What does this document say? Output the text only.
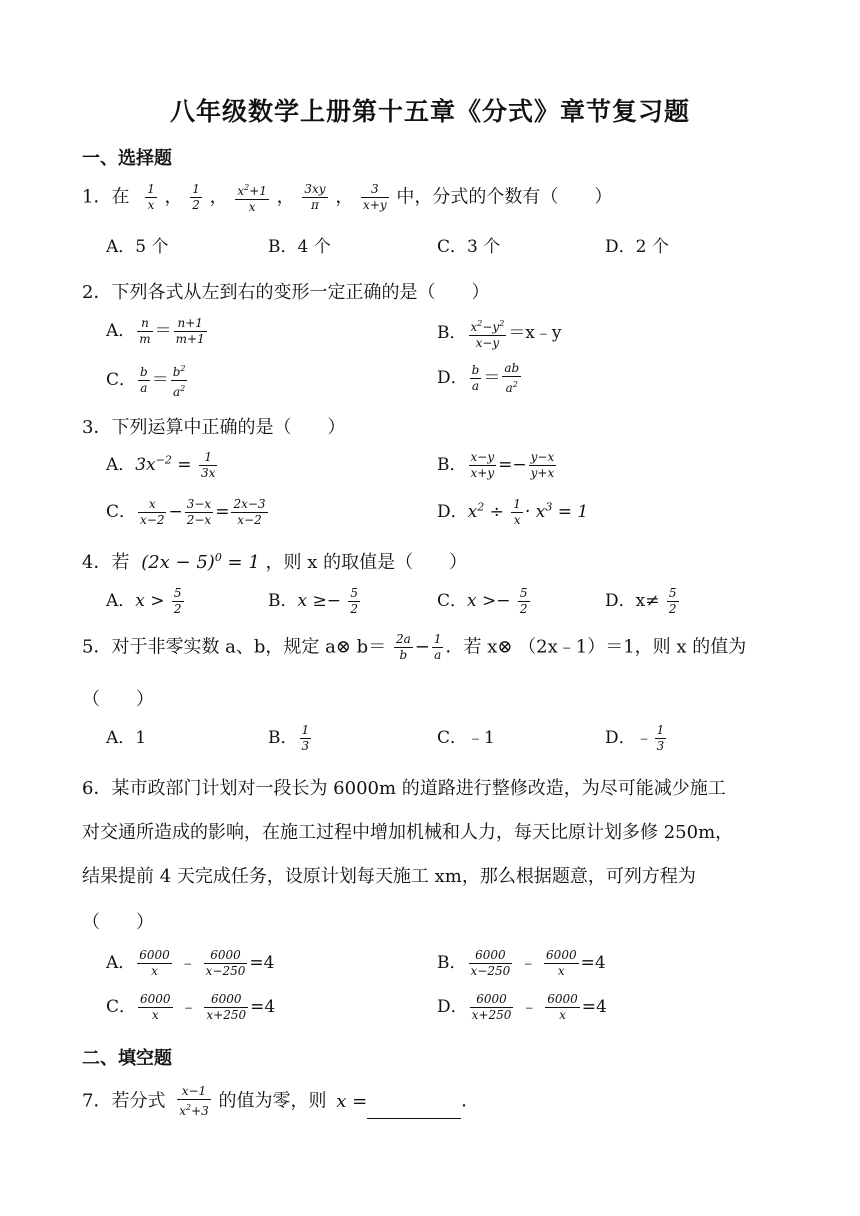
八年级数学上册第十五章《分式》章节复习题
一、选择题
1．在 $\frac{1}{x}$ ， $\frac{1}{2}$ ， $\frac{x^2+1}{x}$ ， $\frac{3xy}{\pi}$ ， $\frac{3}{x+y}$ 中，分式的个数有（　　）
A．5 个	B．4 个	C．3 个	D．2 个
2．下列各式从左到右的变形一定正确的是（　　）
A． $\frac{n}{m} = \frac{n+1}{m+1}$	B． $\frac{x^2-y^2}{x-y}$ ＝x﹣y
C． $\frac{b}{a} = \frac{b^2}{a^2}$	D． $\frac{b}{a} = \frac{ab}{a^2}$
3．下列运算中正确的是（　　）
A．$3x^{-2} = \frac{1}{3x}$	B． $\frac{x-y}{x+y} =- \frac{y-x}{y+x}$
C． $\frac{x}{x-2} - \frac{3-x}{2-x} = \frac{2x-3}{x-2}$	D．$x^2 \div \frac{1}{x} \cdot x^3 = 1$
4．若 $(2x - 5)^0 = 1$ ，则 x 的取值是（　　）
A．$x > \frac{5}{2}$	B．$x \ge- \frac{5}{2}$	C．$x >- \frac{5}{2}$	D．$x\ne \frac{5}{2}$
5．对于非零实数 a、b，规定 a⊗ $b= \frac{2a}{b} - \frac{1}{a}$ ．若 x⊗ （2x﹣1）＝1，则 x 的值为
（　　）
A．1	B． $\frac{1}{3}$	C．﹣1	D．﹣ $\frac{1}{3}$
6．某市政部门计划对一段长为 6000m 的道路进行整修改造，为尽可能减少施工
对交通所造成的影响，在施工过程中增加机械和人力，每天比原计划多修 250m，
结果提前 4 天完成任务，设原计划每天施工 xm，那么根据题意，可列方程为
（　　）
A． $\frac{6000}{x}$ ﹣ $\frac{6000}{x-250} =4$	B． $\frac{6000}{x-250}$ ﹣ $\frac{6000}{x} =4$
C． $\frac{6000}{x}$ ﹣ $\frac{6000}{x+250} =4$	D． $\frac{6000}{x+250}$ ﹣ $\frac{6000}{x} =4$
二、填空题
7．若分式 $\frac{x-1}{x^2+3}$ 的值为零，则 x =	．
